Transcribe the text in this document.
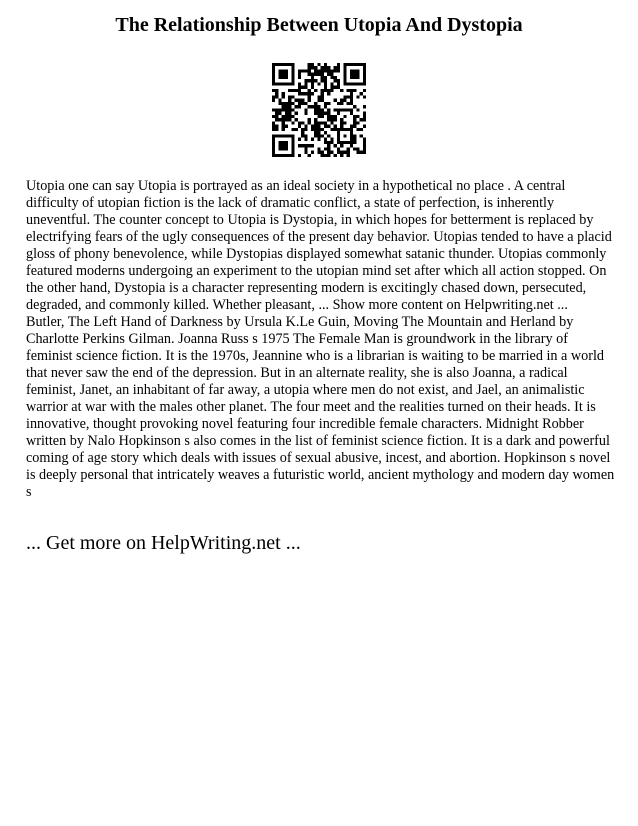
The Relationship Between Utopia And Dystopia

Utopia one can say Utopia is portrayed as an ideal society in a hypothetical no place . A central difficulty of utopian fiction is the lack of dramatic conflict, a state of perfection, is inherently uneventful. The counter concept to Utopia is Dystopia, in which hopes for betterment is replaced by electrifying fears of the ugly consequences of the present day behavior. Utopias tended to have a placid gloss of phony benevolence, while Dystopias displayed somewhat satanic thunder. Utopias commonly featured moderns undergoing an experiment to the utopian mind set after which all action stopped. On the other hand, Dystopia is a character representing modern is excitingly chased down, persecuted, degraded, and commonly killed. Whether pleasant, ... Show more content on Helpwriting.net ...

Butler, The Left Hand of Darkness by Ursula K.Le Guin, Moving The Mountain and Herland by Charlotte Perkins Gilman. Joanna Russ s 1975 The Female Man is groundwork in the library of feminist science fiction. It is the 1970s, Jeannine who is a librarian is waiting to be married in a world that never saw the end of the depression. But in an alternate reality, she is also Joanna, a radical feminist, Janet, an inhabitant of far away, a utopia where men do not exist, and Jael, an animalistic warrior at war with the males other planet. The four meet and the realities turned on their heads. It is innovative, thought provoking novel featuring four incredible female characters. Midnight Robber written by Nalo Hopkinson s also comes in the list of feminist science fiction. It is a dark and powerful coming of age story which deals with issues of sexual abusive, incest, and abortion. Hopkinson s novel is deeply personal that intricately weaves a futuristic world, ancient mythology and modern day women s

... Get more on HelpWriting.net ...
